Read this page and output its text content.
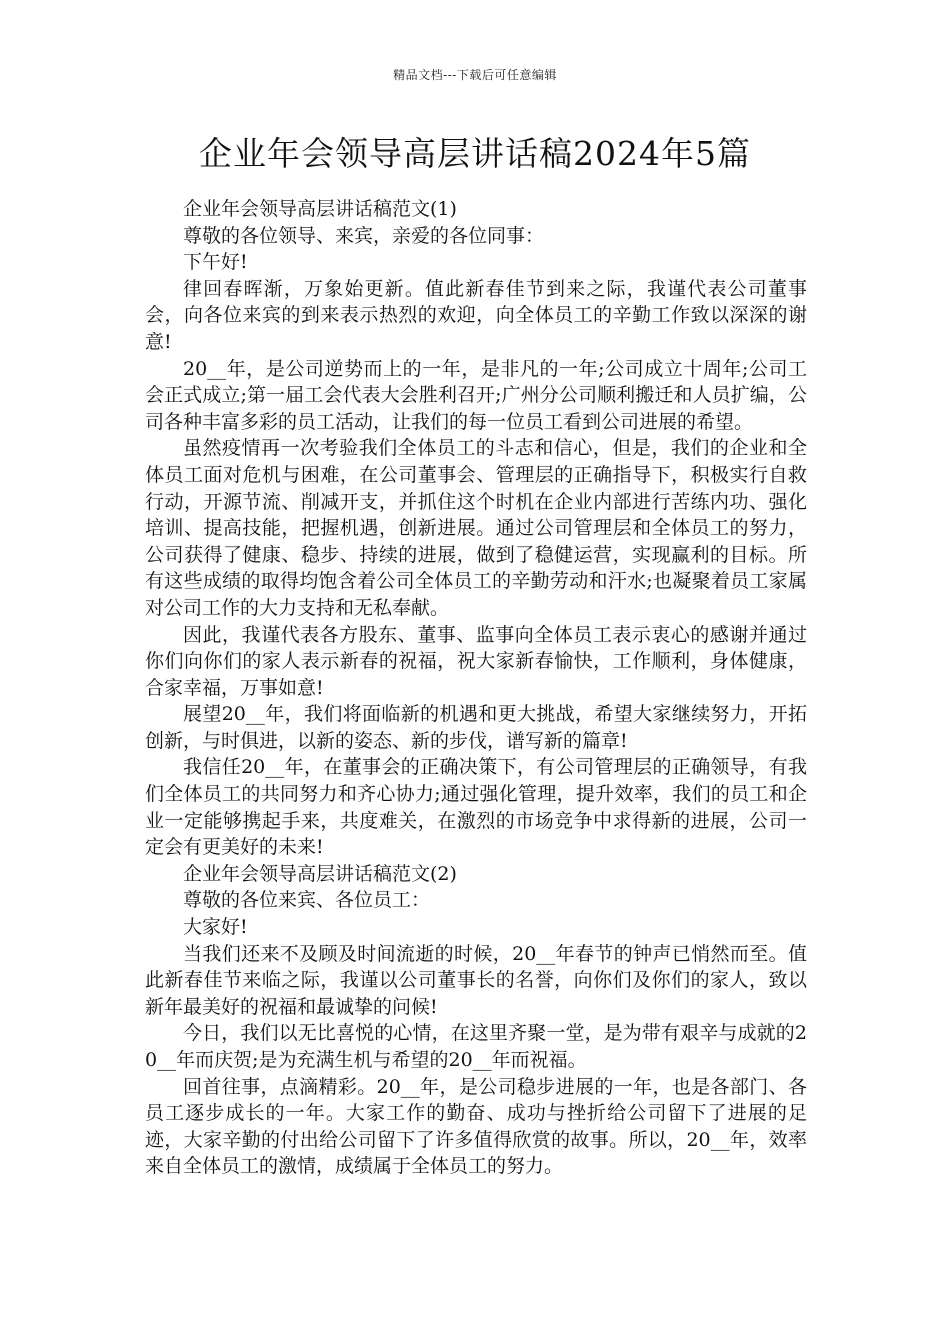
精品文档---下载后可任意编辑
企业年会领导高层讲话稿2024年5篇

企业年会领导高层讲话稿范文(1)

尊敬的各位领导、来宾，亲爱的各位同事：

下午好!

律回春晖渐，万象始更新。值此新春佳节到来之际，我谨代表公司董事会，向各位来宾的到来表示热烈的欢迎，向全体员工的辛勤工作致以深深的谢意!

20__年，是公司逆势而上的一年，是非凡的一年;公司成立十周年;公司工会正式成立;第一届工会代表大会胜利召开;广州分公司顺利搬迁和人员扩编，公司各种丰富多彩的员工活动，让我们的每一位员工看到公司进展的希望。

虽然疫情再一次考验我们全体员工的斗志和信心，但是，我们的企业和全体员工面对危机与困难，在公司董事会、管理层的正确指导下，积极实行自救行动，开源节流、削减开支，并抓住这个时机在企业内部进行苦练内功、强化培训、提高技能，把握机遇，创新进展。通过公司管理层和全体员工的努力，公司获得了健康、稳步、持续的进展，做到了稳健运营，实现赢利的目标。所有这些成绩的取得均饱含着公司全体员工的辛勤劳动和汗水;也凝聚着员工家属对公司工作的大力支持和无私奉献。

因此，我谨代表各方股东、董事、监事向全体员工表示衷心的感谢并通过你们向你们的家人表示新春的祝福，祝大家新春愉快，工作顺利，身体健康，合家幸福，万事如意!

展望20__年，我们将面临新的机遇和更大挑战，希望大家继续努力，开拓创新，与时俱进，以新的姿态、新的步伐，谱写新的篇章!

我信任20__年，在董事会的正确决策下，有公司管理层的正确领导，有我们全体员工的共同努力和齐心协力;通过强化管理，提升效率，我们的员工和企业一定能够携起手来，共度难关，在激烈的市场竞争中求得新的进展，公司一定会有更美好的未来!

企业年会领导高层讲话稿范文(2)

尊敬的各位来宾、各位员工：

大家好!

当我们还来不及顾及时间流逝的时候，20__年春节的钟声已悄然而至。值此新春佳节来临之际，我谨以公司董事长的名誉，向你们及你们的家人，致以新年最美好的祝福和最诚挚的问候!

今日，我们以无比喜悦的心情，在这里齐聚一堂，是为带有艰辛与成就的20__年而庆贺;是为充满生机与希望的20__年而祝福。

回首往事，点滴精彩。20__年，是公司稳步进展的一年，也是各部门、各员工逐步成长的一年。大家工作的勤奋、成功与挫折给公司留下了进展的足迹，大家辛勤的付出给公司留下了许多值得欣赏的故事。所以，20__年，效率来自全体员工的激情，成绩属于全体员工的努力。
